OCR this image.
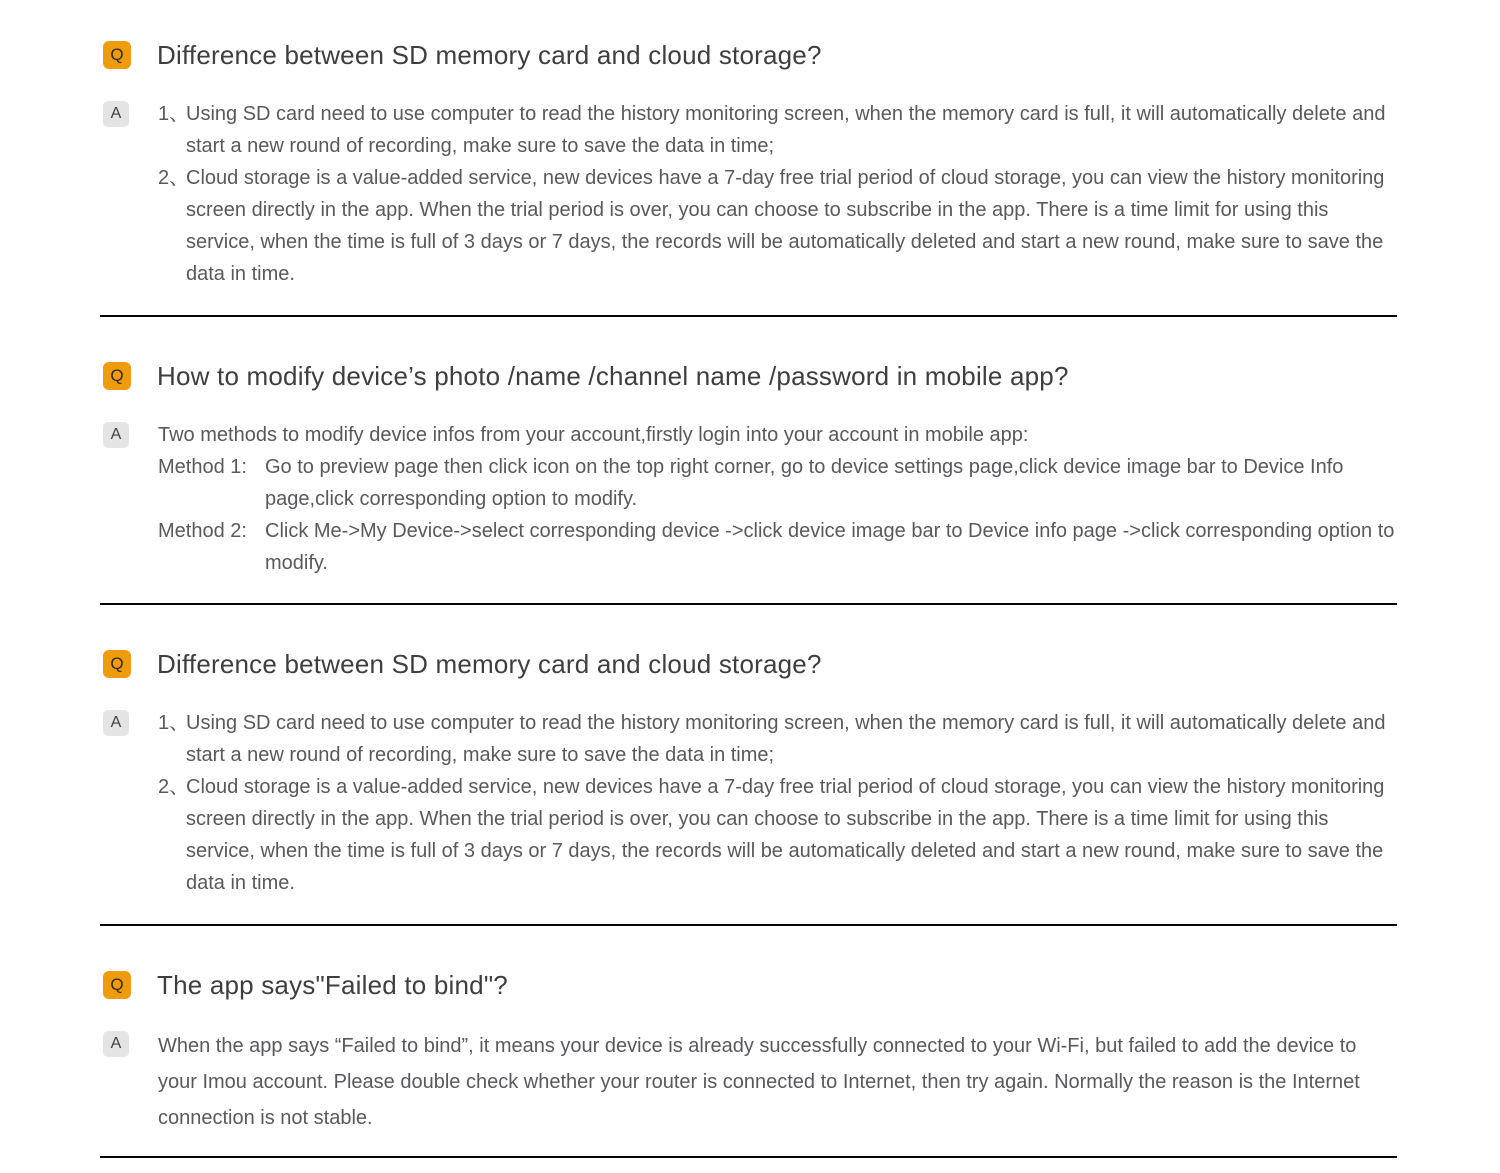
Q Difference between SD memory card and cloud storage?
A	1、Using SD card need to use computer to read the history monitoring screen, when the memory card is full, it will automatically delete and start a new round of recording, make sure to save the data in time;

2、Cloud storage is a value-added service, new devices have a 7-day free trial period of cloud storage, you can view the history monitoring screen directly in the app. When the trial period is over, you can choose to subscribe in the app. There is a time limit for using this service, when the time is full of 3 days or 7 days, the records will be automatically deleted and start a new round, make sure to save the data in time.

Q How to modify device’s photo /name /channel name /password in mobile app?
A	Two methods to modify device infos from your account,firstly login into your account in mobile app:

Method 1:Go to preview page then click icon on the top right corner, go to device settings page,click device image bar to Device Info page,click corresponding option to modify.

Method 2:Click Me->My Device->select corresponding device ->click device image bar to Device info page ->click corresponding option to modify.

Q Difference between SD memory card and cloud storage?
A	1、Using SD card need to use computer to read the history monitoring screen, when the memory card is full, it will automatically delete and start a new round of recording, make sure to save the data in time;

2、Cloud storage is a value-added service, new devices have a 7-day free trial period of cloud storage, you can view the history monitoring screen directly in the app. When the trial period is over, you can choose to subscribe in the app. There is a time limit for using this service, when the time is full of 3 days or 7 days, the records will be automatically deleted and start a new round, make sure to save the data in time.

Q The app says"Failed to bind"?
A	When the app says “Failed to bind”, it means your device is already successfully connected to your Wi-Fi, but failed to add the device to your Imou account. Please double check whether your router is connected to Internet, then try again. Normally the reason is the Internet connection is not stable.
